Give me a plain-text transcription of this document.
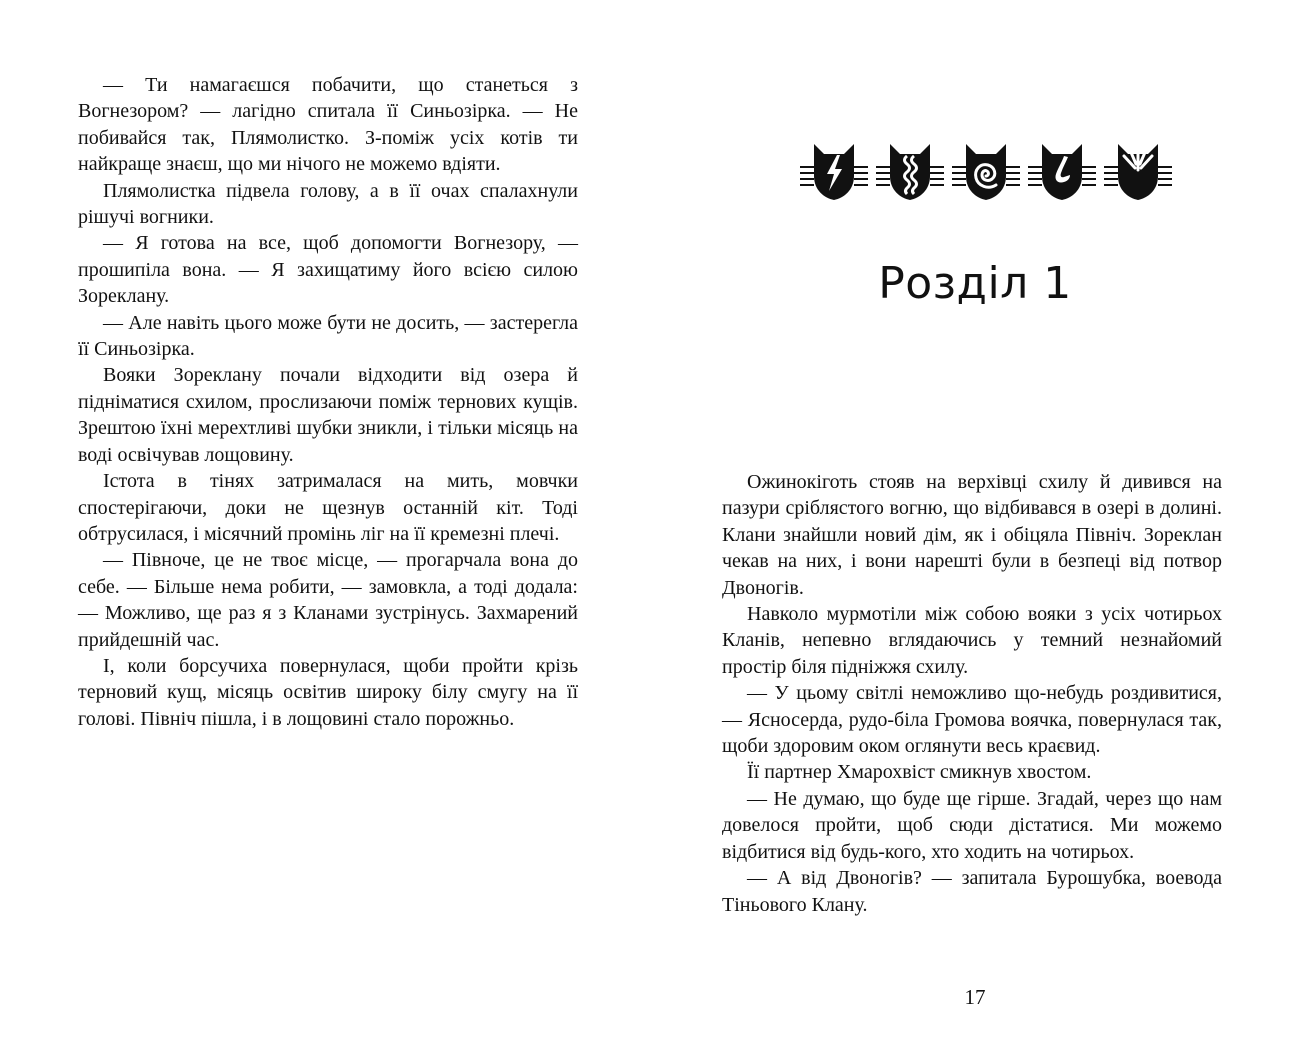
— Ти намагаєшся побачити, що станеться з Вогнезором? — лагідно спитала її Синьозірка. — Не побивайся так, Плямолистко. З-поміж усіх котів ти найкраще знаєш, що ми нічого не можемо вдіяти.

Плямолистка підвела голову, а в її очах спалахнули рішучі вогники.

— Я готова на все, щоб допомогти Вогнезору, — прошипіла вона. — Я захищатиму його всією силою Зореклану.

— Але навіть цього може бути не досить, — застерегла її Синьозірка.

Вояки Зореклану почали відходити від озера й підніматися схилом, прослизаючи поміж тернових кущів. Зрештою їхні мерехтливі шубки зникли, і тільки місяць на воді освічував лощовину.

Істота в тінях затрималася на мить, мовчки спостерігаючи, доки не щезнув останній кіт. Тоді обтрусилася, і місячний промінь ліг на її кремезні плечі.

— Півноче, це не твоє місце, — прогарчала вона до себе. — Більше нема робити, — замовкла, а тоді додала: — Можливо, ще раз я з Кланами зустрінусь. Захмарений прийдешній час.

І, коли борсучиха повернулася, щоби пройти крізь терновий кущ, місяць освітив широку білу смугу на її голові. Північ пішла, і в лощовині стало порожньо.

Розділ 1

Ожинокіготь стояв на верхівці схилу й дивився на пазури сріблястого вогню, що відбивався в озері в долині. Клани знайшли новий дім, як і обіцяла Північ. Зореклан чекав на них, і вони нарешті були в безпеці від потвор Двоногів.

Навколо мурмотіли між собою вояки з усіх чотирьох Кланів, непевно вглядаючись у темний незнайомий простір біля підніжжя схилу.

— У цьому світлі неможливо що-небудь роздивитися, — Ясносерда, рудо-біла Громова воячка, повернулася так, щоби здоровим оком оглянути весь краєвид.

Її партнер Хмарохвіст смикнув хвостом.

— Не думаю, що буде ще гірше. Згадай, через що нам довелося пройти, щоб сюди дістатися. Ми можемо відбитися від будь-кого, хто ходить на чотирьох.

— А від Двоногів? — запитала Бурошубка, воевода Тіньового Клану.

17
